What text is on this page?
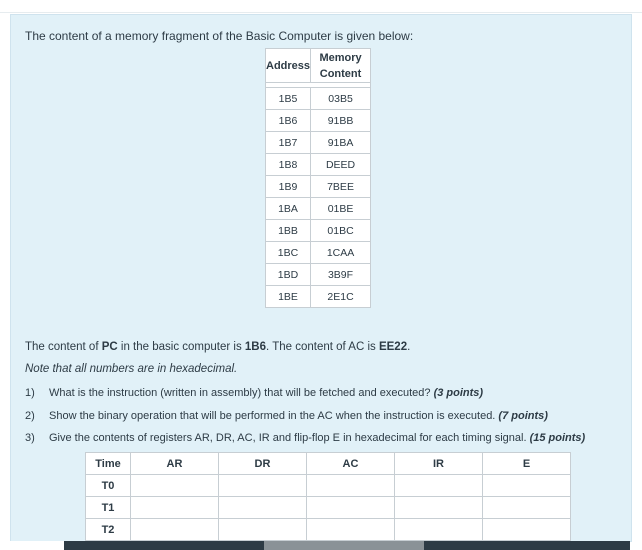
The content of a memory fragment of the Basic Computer is given below:
Address	Memory
Content

1B5	03B5
1B6	91BB
1B7	91BA
1B8	DEED
1B9	7BEE
1BA	01BE
1BB	01BC
1BC	1CAA
1BD	3B9F
1BE	2E1C
The content of PC in the basic computer is 1B6. The content of AC is EE22.
Note that all numbers are in hexadecimal.
1) What is the instruction (written in assembly) that will be fetched and executed? (3 points)
2) Show the binary operation that will be performed in the AC when the instruction is executed. (7 points)
3) Give the contents of registers AR, DR, AC, IR and flip-flop E in hexadecimal for each timing signal. (15 points)
Time	AR	DR	AC	IR	E
T0					
T1					
T2					
